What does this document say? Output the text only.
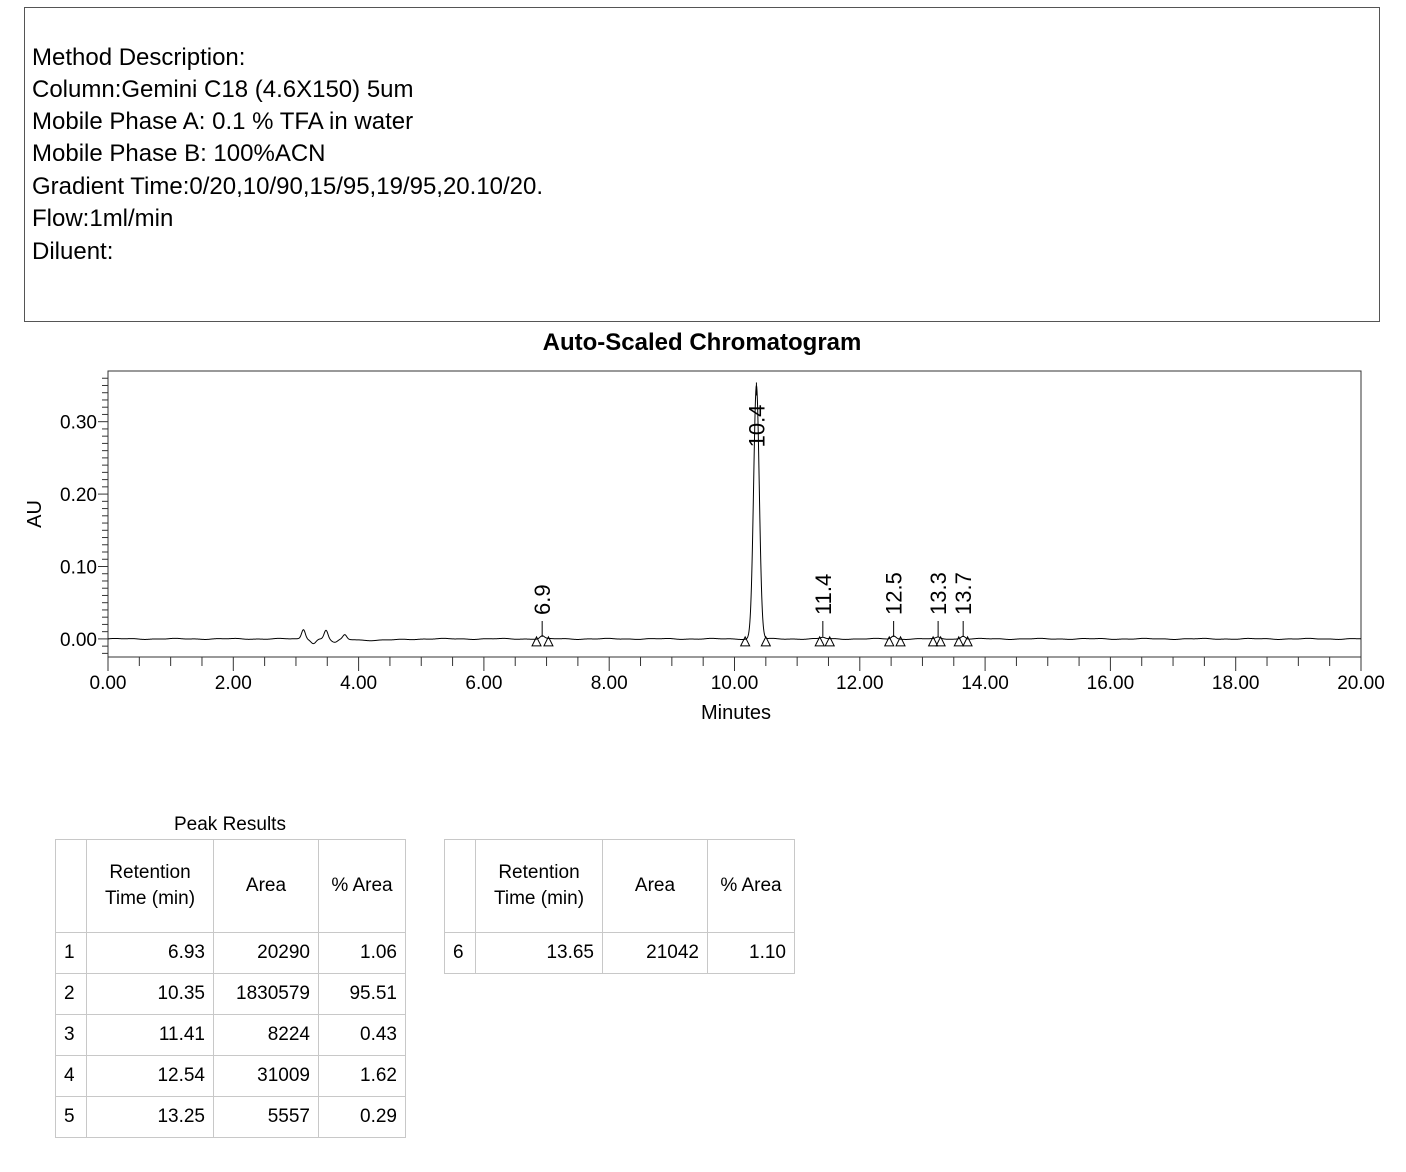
Method Description:
Column:Gemini C18 (4.6X150) 5um
Mobile Phase A: 0.1 % TFA in water
Mobile Phase B: 100%ACN
Gradient Time:0/20,10/90,15/95,19/95,20.10/20.
Flow:1ml/min
Diluent:
Auto-Scaled Chromatogram
0.00
0.10
0.20
0.30
0.00	2.00	4.00	6.00	8.00	10.00	12.00	14.00	16.00	18.00	20.00
AU
Minutes
6.9
10.4
11.4 12.5 13.3 13.7
Peak Results
	Retention Time (min)	Area	% Area
1	6.93	20290	1.06
2	10.35	1830579	95.51
3	11.41	8224	0.43
4	12.54	31009	1.62
5	13.25	5557	0.29
	Retention Time (min)	Area	% Area
6	13.65	21042	1.10
